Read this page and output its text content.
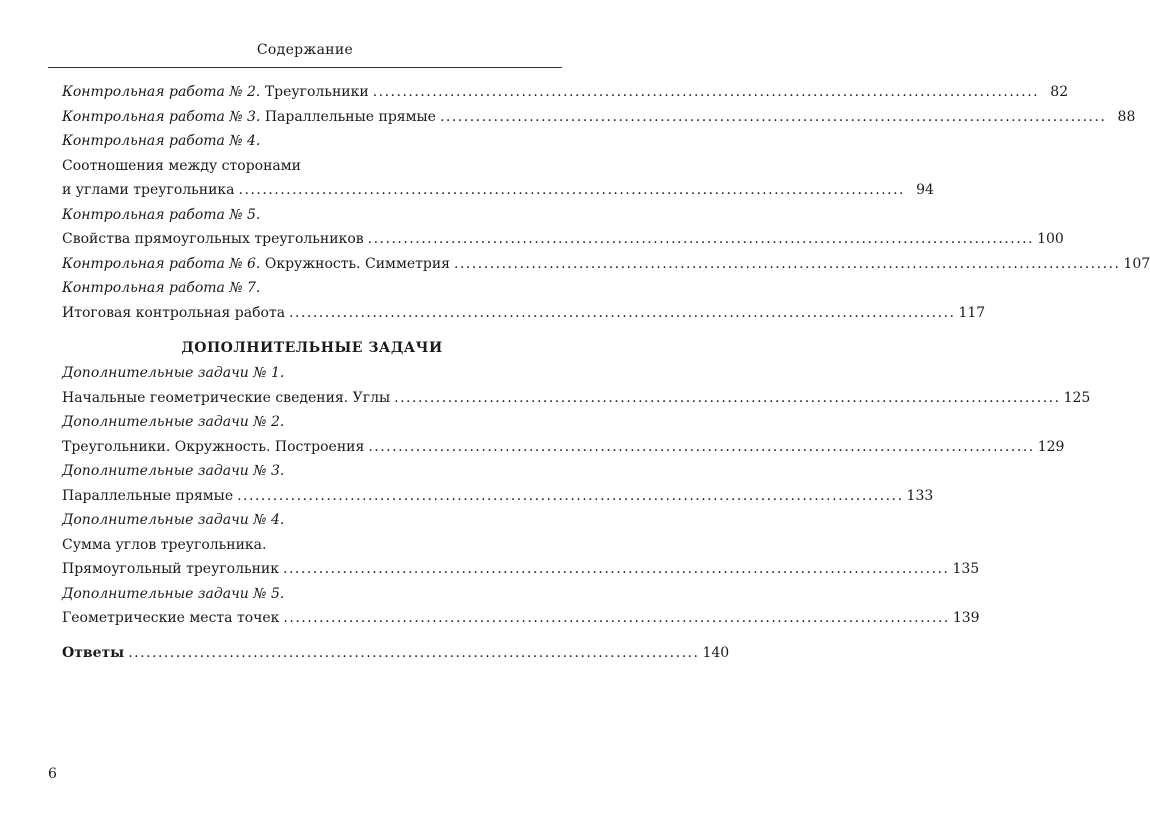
Содержание
Контрольная работа № 2. Треугольники ................................................................................................................ 82
Контрольная работа № 3. Параллельные прямые ................................................................................................................ 88
Контрольная работа № 4.
Соотношения между сторонами
и углами треугольника ................................................................................................................ 94
Контрольная работа № 5.
Свойства прямоугольных треугольников ................................................................................................................ 100
Контрольная работа № 6. Окружность. Симметрия ................................................................................................................ 107
Контрольная работа № 7.
Итоговая контрольная работа ................................................................................................................ 117
ДОПОЛНИТЕЛЬНЫЕ ЗАДАЧИ
Дополнительные задачи № 1.
Начальные геометрические сведения. Углы ................................................................................................................ 125
Дополнительные задачи № 2.
Треугольники. Окружность. Построения ................................................................................................................ 129
Дополнительные задачи № 3.
Параллельные прямые ................................................................................................................ 133
Дополнительные задачи № 4.
Сумма углов треугольника.
Прямоугольный треугольник ................................................................................................................ 135
Дополнительные задачи № 5.
Геометрические места точек ................................................................................................................ 139
Ответы ................................................................................................ 140
6
